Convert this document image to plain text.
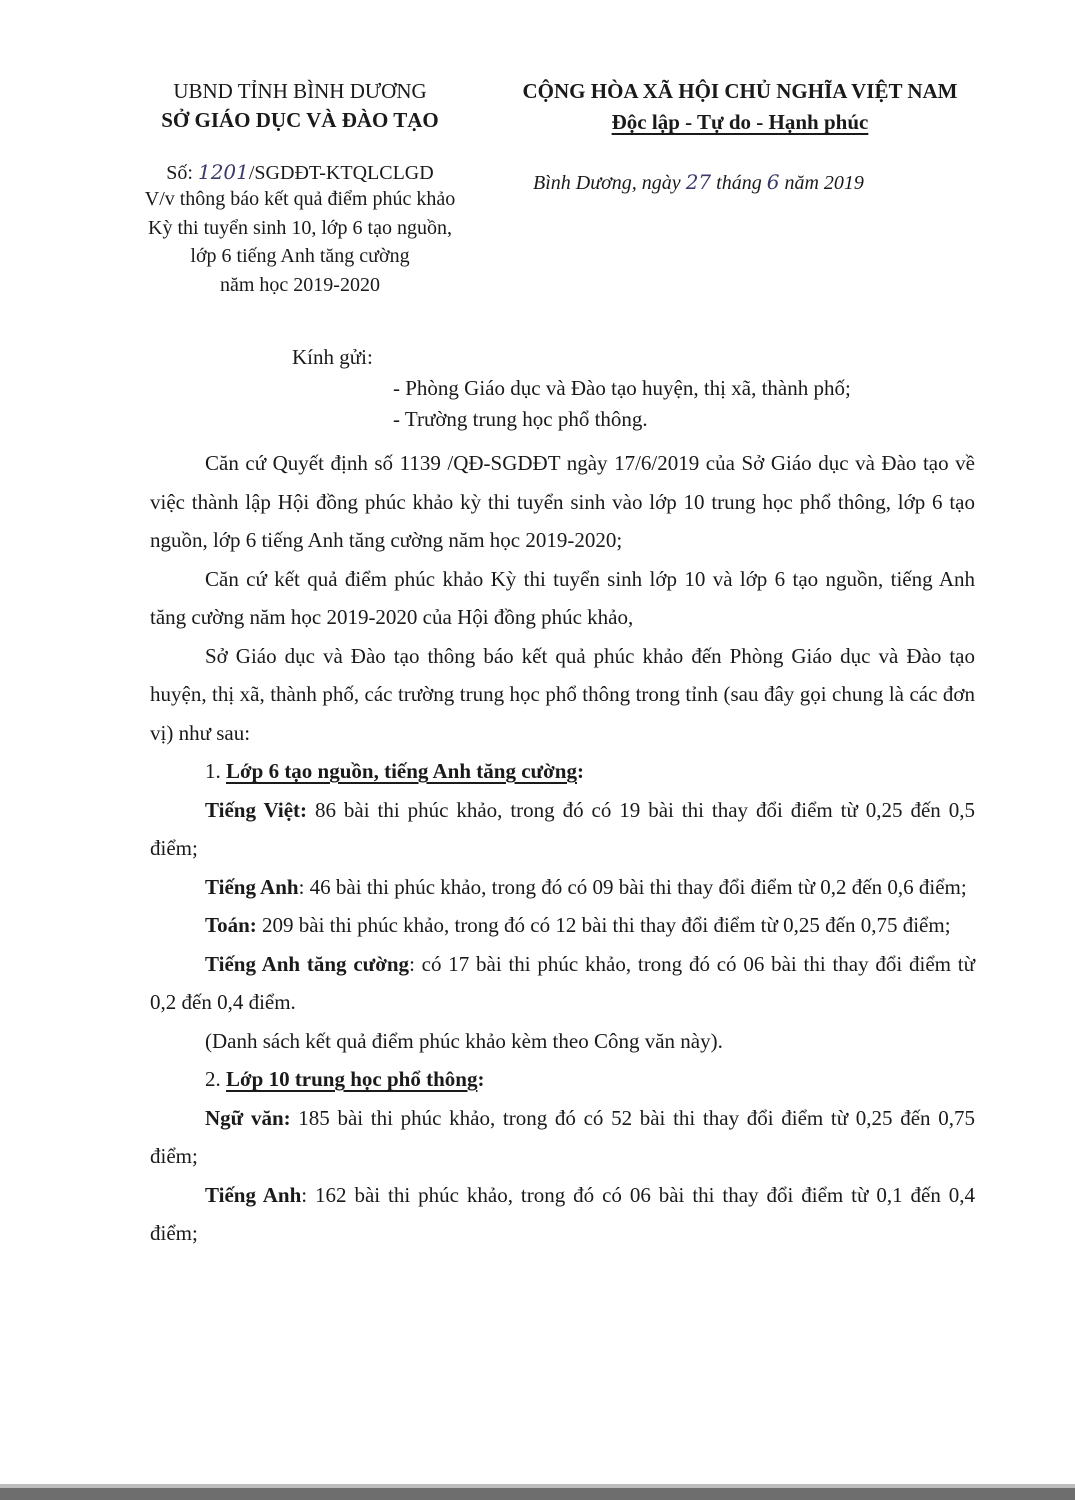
UBND TỈNH BÌNH DƯƠNG
SỞ GIÁO DỤC VÀ ĐÀO TẠO
CỘNG HÒA XÃ HỘI CHỦ NGHĨA VIỆT NAM
Độc lập - Tự do - Hạnh phúc
Số: 1201/SGDĐT-KTQLCLGD
V/v thông báo kết quả điểm phúc khảo
Kỳ thi tuyển sinh 10, lớp 6 tạo nguồn,
lớp 6 tiếng Anh tăng cường
năm học 2019-2020
Bình Dương, ngày 27 tháng 6 năm 2019
Kính gửi:
- Phòng Giáo dục và Đào tạo huyện, thị xã, thành phố;
- Trường trung học phổ thông.

Căn cứ Quyết định số 1139 /QĐ-SGDĐT ngày 17/6/2019 của Sở Giáo dục và Đào tạo về việc thành lập Hội đồng phúc khảo kỳ thi tuyển sinh vào lớp 10 trung học phổ thông, lớp 6 tạo nguồn, lớp 6 tiếng Anh tăng cường năm học 2019-2020;

Căn cứ kết quả điểm phúc khảo Kỳ thi tuyển sinh lớp 10 và lớp 6 tạo nguồn, tiếng Anh tăng cường năm học 2019-2020 của Hội đồng phúc khảo,

Sở Giáo dục và Đào tạo thông báo kết quả phúc khảo đến Phòng Giáo dục và Đào tạo huyện, thị xã, thành phố, các trường trung học phổ thông trong tỉnh (sau đây gọi chung là các đơn vị) như sau:

1. Lớp 6 tạo nguồn, tiếng Anh tăng cường:

Tiếng Việt: 86 bài thi phúc khảo, trong đó có 19 bài thi thay đổi điểm từ 0,25 đến 0,5 điểm;

Tiếng Anh: 46 bài thi phúc khảo, trong đó có 09 bài thi thay đổi điểm từ 0,2 đến 0,6 điểm;

Toán: 209 bài thi phúc khảo, trong đó có 12 bài thi thay đổi điểm từ 0,25 đến 0,75 điểm;

Tiếng Anh tăng cường: có 17 bài thi phúc khảo, trong đó có 06 bài thi thay đổi điểm từ 0,2 đến 0,4 điểm.

(Danh sách kết quả điểm phúc khảo kèm theo Công văn này).

2. Lớp 10 trung học phổ thông:

Ngữ văn: 185 bài thi phúc khảo, trong đó có 52 bài thi thay đổi điểm từ 0,25 đến 0,75 điểm;

Tiếng Anh: 162 bài thi phúc khảo, trong đó có 06 bài thi thay đổi điểm từ 0,1 đến 0,4 điểm;
